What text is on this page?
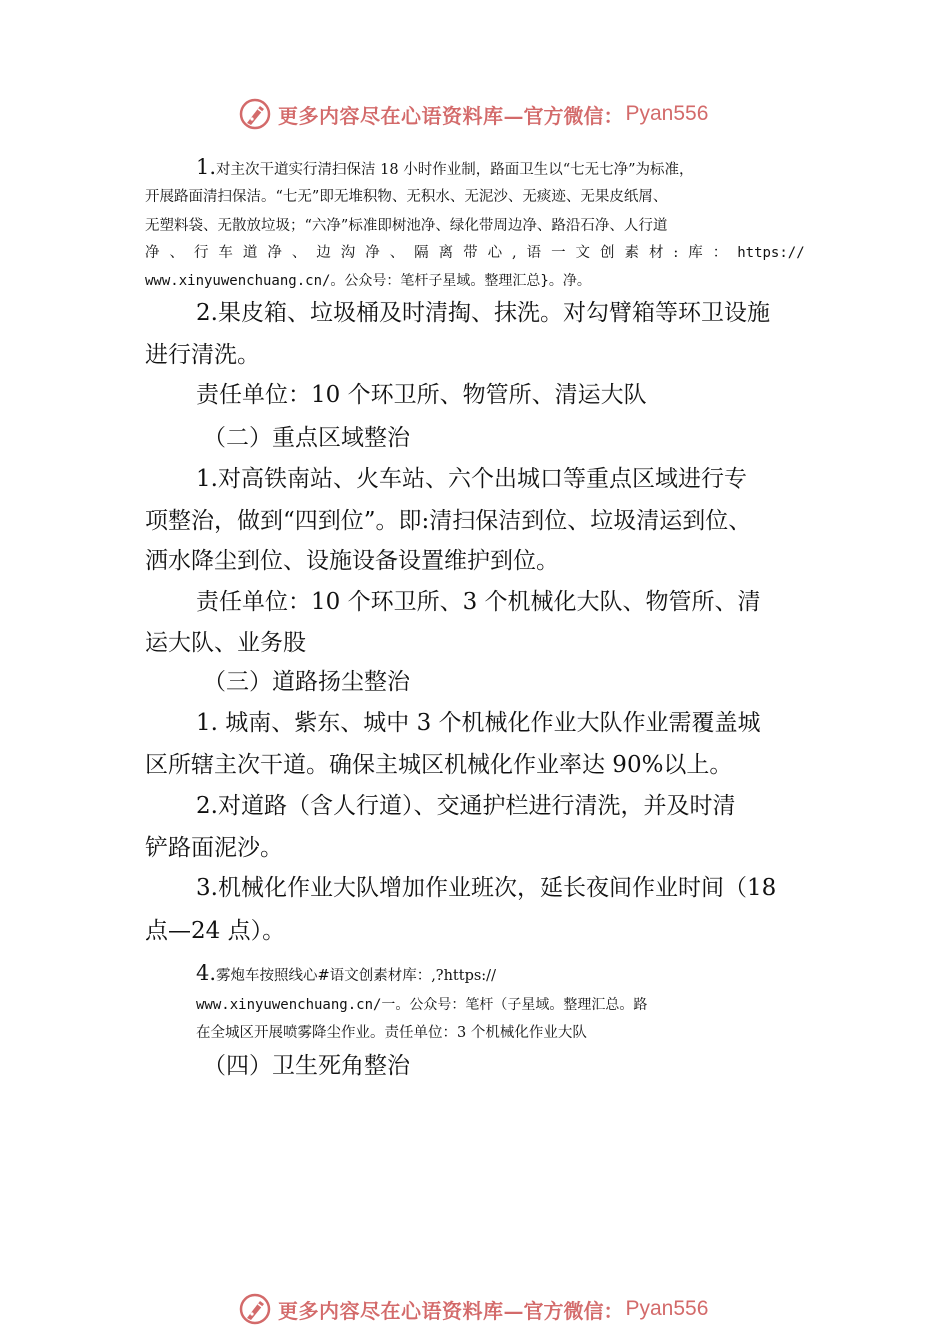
更多内容尽在心语资料库 —官方微信： Pyan556
1.对主次干道实行清扫保洁 18 小时作业制，路面卫生以“七无七净”为标准，
开展路面清扫保洁。“七无”即无堆积物、无积水、无泥沙、无痰迹、无果皮纸屑、
无塑料袋、无散放垃圾；“六净”标准即树池净、绿化带周边净、路沿石净、人行道
净 、 行 车 道 净 、 边 沟 净 、 隔 离 带 心 , 语 一 文 创 素 材 : 库 ： https://
www.xinyuwenchuang.cn/。公众号：笔杆子星域。整理汇总}。净。
2.果皮箱、垃圾桶及时清掏、抹洗。对勾臂箱等环卫设施
进行清洗。
责任单位：10 个环卫所、物管所、清运大队
（二）重点区域整治
1.对高铁南站、火车站、六个出城口等重点区域进行专
项整治，做到“四到位”。即:清扫保洁到位、垃圾清运到位、
洒水降尘到位、设施设备设置维护到位。
责任单位：10 个环卫所、3 个机械化大队、物管所、清
运大队、业务股
（三）道路扬尘整治
1. 城南、紫东、城中 3 个机械化作业大队作业需覆盖城
区所辖主次干道。确保主城区机械化作业率达 90%以上。
2.对道路（含人行道）、交通护栏进行清洗，并及时清
铲路面泥沙。
3.机械化作业大队增加作业班次，延长夜间作业时间（18
点—24 点）。
4.雾炮车按照线心#语文创素材库：,?https://
www.xinyuwenchuang.cn/一。公众号：笔杆（子星域。整理汇总。路
在全城区开展喷雾降尘作业。责任单位：3 个机械化作业大队
（四）卫生死角整治
更多内容尽在心语资料库 —官方微信： Pyan556
